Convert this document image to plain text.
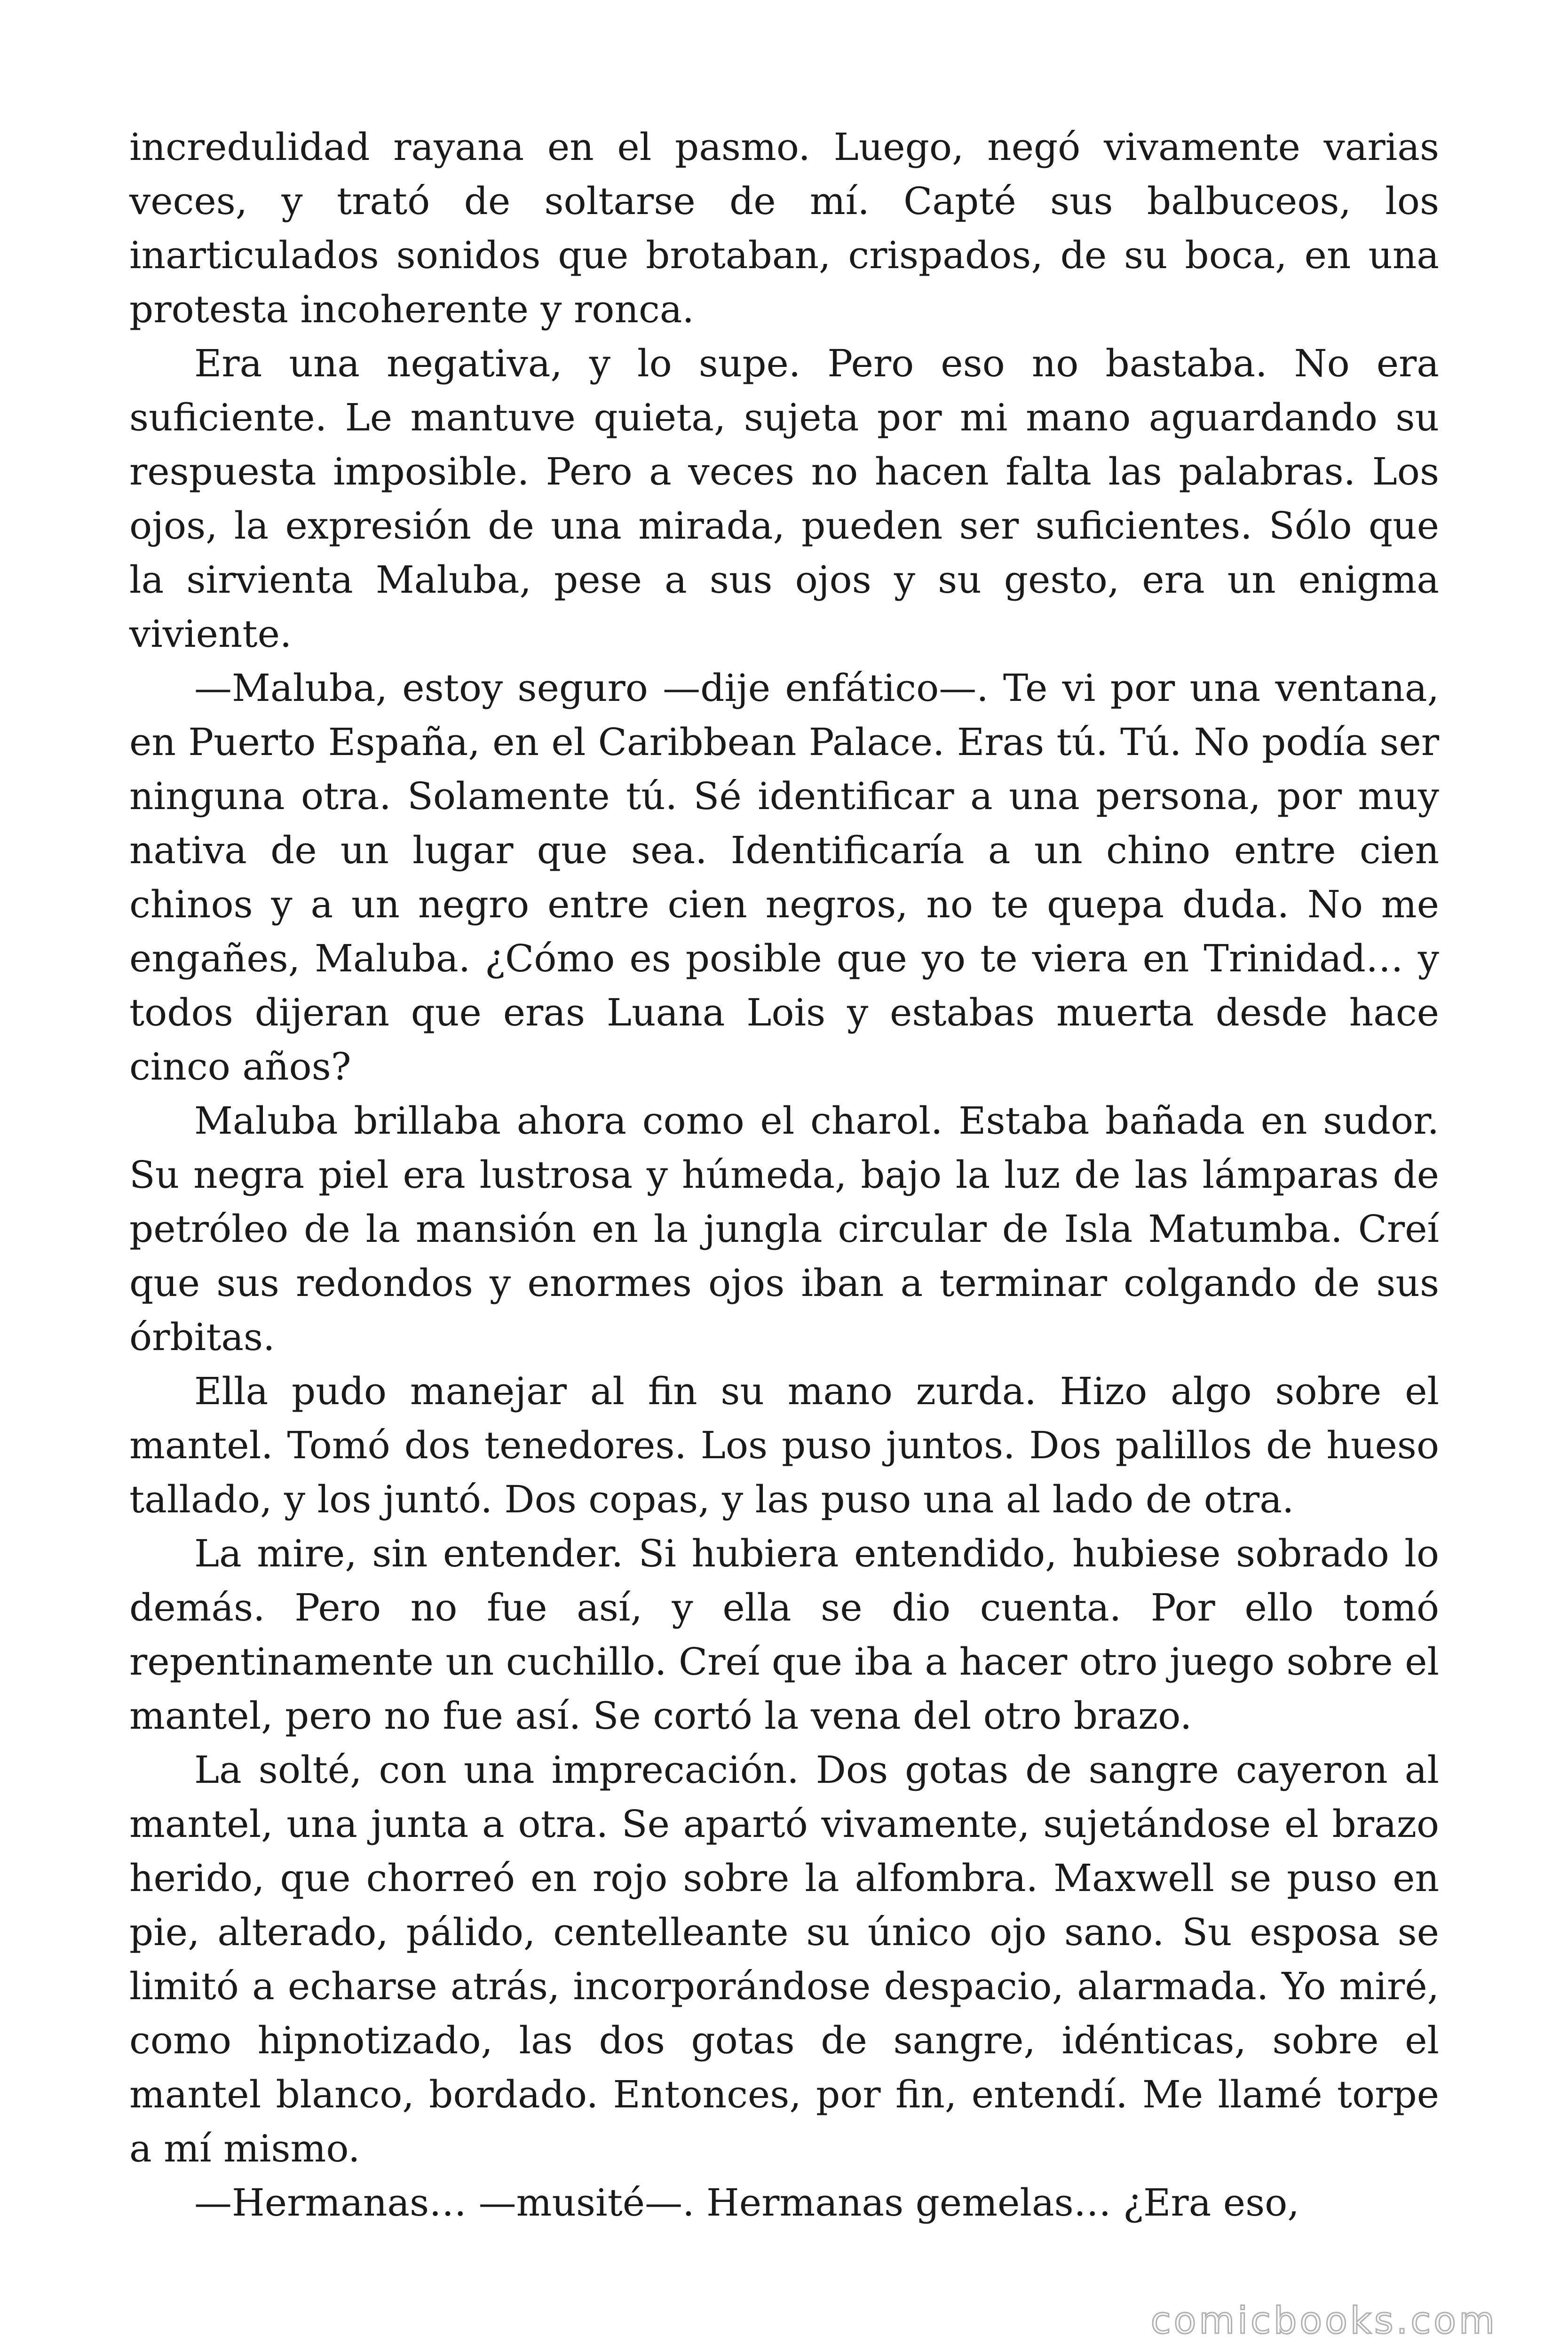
incredulidad rayana en el pasmo. Luego, negó vivamente varias veces, y trató de soltarse de mí. Capté sus balbuceos, los inarticulados sonidos que brotaban, crispados, de su boca, en una protesta incoherente y ronca.

Era una negativa, y lo supe. Pero eso no bastaba. No era suficiente. Le mantuve quieta, sujeta por mi mano aguardando su respuesta imposible. Pero a veces no hacen falta las palabras. Los ojos, la expresión de una mirada, pueden ser suficientes. Sólo que la sirvienta Maluba, pese a sus ojos y su gesto, era un enigma viviente.

—Maluba, estoy seguro —dije enfático—. Te vi por una ventana, en Puerto España, en el Caribbean Palace. Eras tú. Tú. No podía ser ninguna otra. Solamente tú. Sé identificar a una persona, por muy nativa de un lugar que sea. Identificaría a un chino entre cien chinos y a un negro entre cien negros, no te quepa duda. No me engañes, Maluba. ¿Cómo es posible que yo te viera en Trinidad… y todos dijeran que eras Luana Lois y estabas muerta desde hace cinco años?

Maluba brillaba ahora como el charol. Estaba bañada en sudor. Su negra piel era lustrosa y húmeda, bajo la luz de las lámparas de petróleo de la mansión en la jungla circular de Isla Matumba. Creí que sus redondos y enormes ojos iban a terminar colgando de sus órbitas.

Ella pudo manejar al fin su mano zurda. Hizo algo sobre el mantel. Tomó dos tenedores. Los puso juntos. Dos palillos de hueso tallado, y los juntó. Dos copas, y las puso una al lado de otra.

La mire, sin entender. Si hubiera entendido, hubiese sobrado lo demás. Pero no fue así, y ella se dio cuenta. Por ello tomó repentinamente un cuchillo. Creí que iba a hacer otro juego sobre el mantel, pero no fue así. Se cortó la vena del otro brazo.

La solté, con una imprecación. Dos gotas de sangre cayeron al mantel, una junta a otra. Se apartó vivamente, sujetándose el brazo herido, que chorreó en rojo sobre la alfombra. Maxwell se puso en pie, alterado, pálido, centelleante su único ojo sano. Su esposa se limitó a echarse atrás, incorporándose despacio, alarmada. Yo miré, como hipnotizado, las dos gotas de sangre, idénticas, sobre el mantel blanco, bordado. Entonces, por fin, entendí. Me llamé torpe a mí mismo.

—Hermanas… —musité—. Hermanas gemelas… ¿Era eso,

comicbooks.com
